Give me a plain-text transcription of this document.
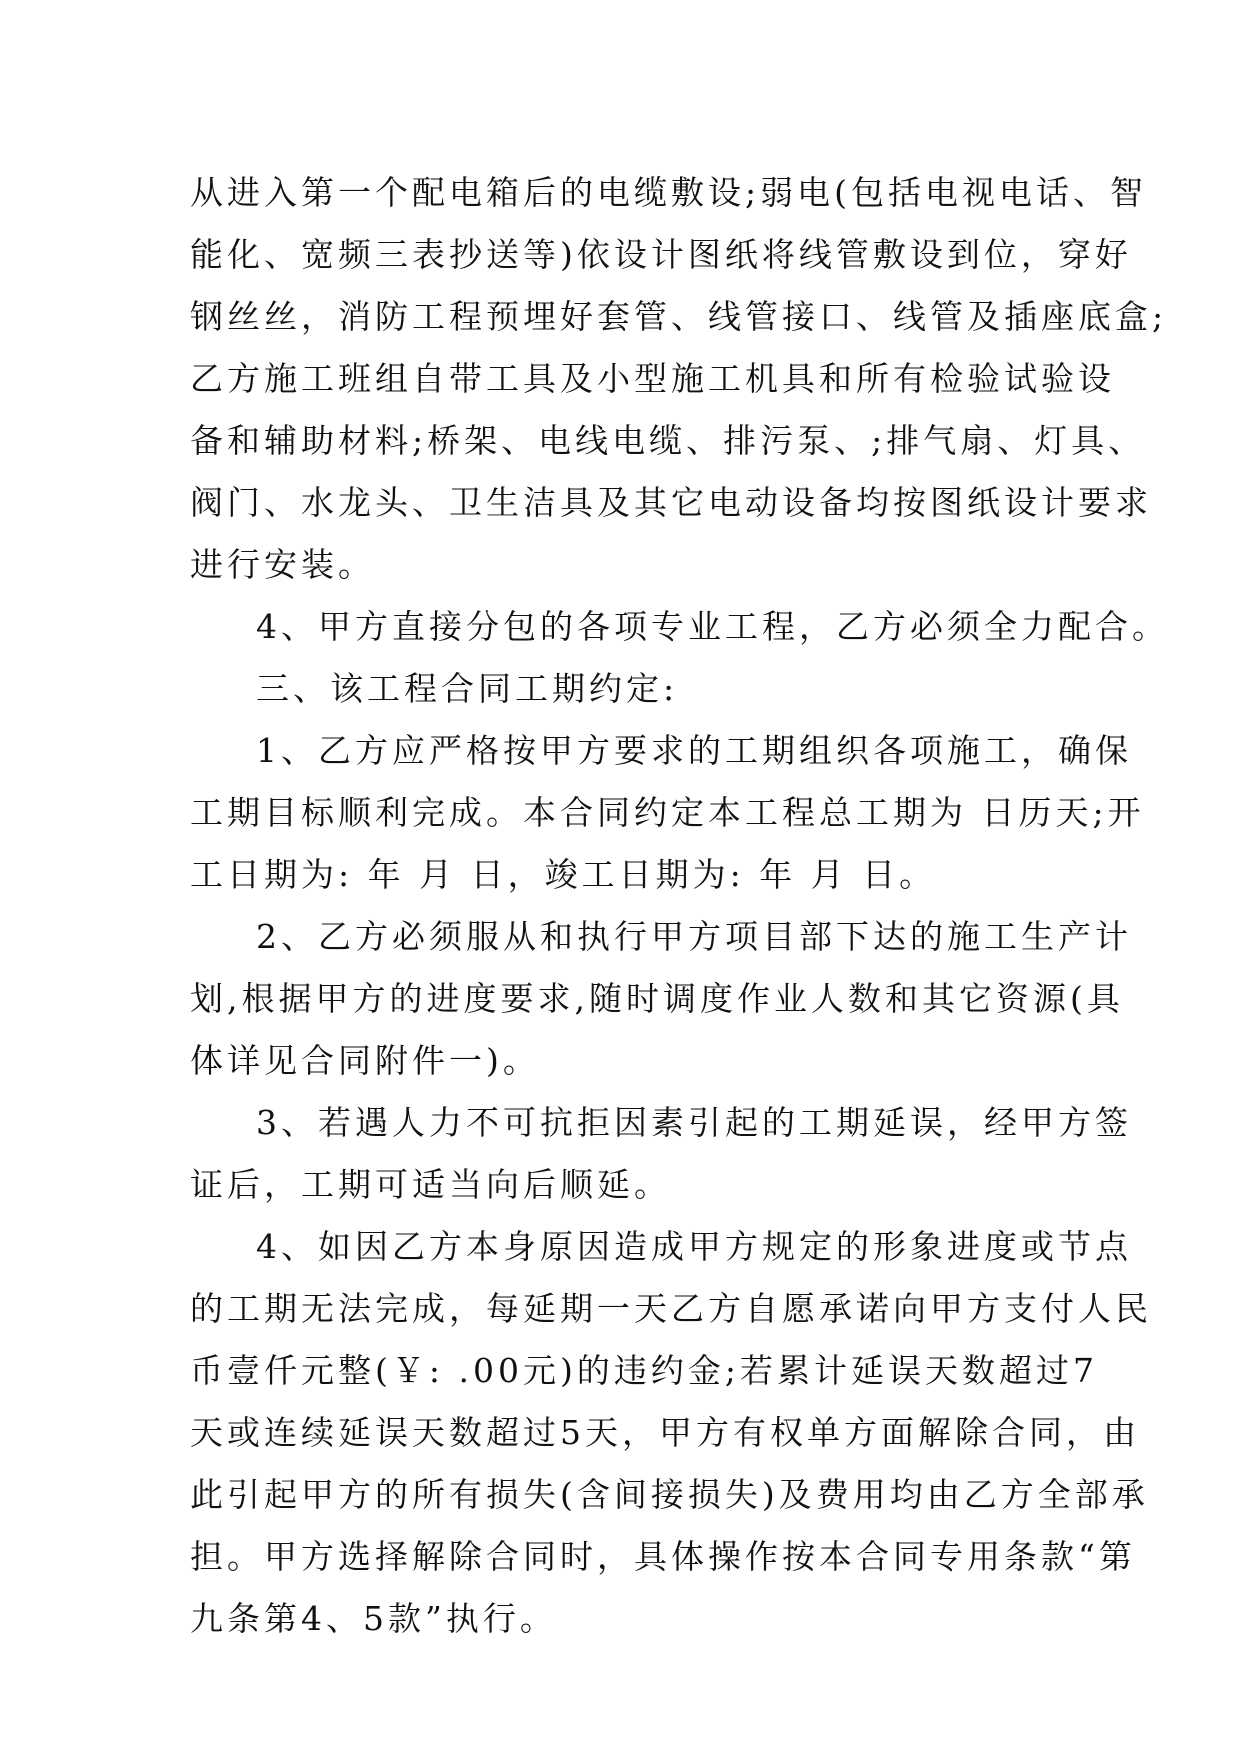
从进入第一个配电箱后的电缆敷设;弱电(包括电视电话、智
能化、宽频三表抄送等)依设计图纸将线管敷设到位，穿好
钢丝丝，消防工程预埋好套管、线管接口、线管及插座底盒;
乙方施工班组自带工具及小型施工机具和所有检验试验设
备和辅助材料;桥架、电线电缆、排污泵、;排气扇、灯具、
阀门、水龙头、卫生洁具及其它电动设备均按图纸设计要求
进行安装。
4、甲方直接分包的各项专业工程，乙方必须全力配合。
三、该工程合同工期约定:
1、乙方应严格按甲方要求的工期组织各项施工，确保
工期目标顺利完成。本合同约定本工程总工期为 日历天;开
工日期为: 年 月 日，竣工日期为: 年 月 日。
2、乙方必须服从和执行甲方项目部下达的施工生产计
划,根据甲方的进度要求,随时调度作业人数和其它资源(具
体详见合同附件一)。
3、若遇人力不可抗拒因素引起的工期延误，经甲方签
证后，工期可适当向后顺延。
4、如因乙方本身原因造成甲方规定的形象进度或节点
的工期无法完成，每延期一天乙方自愿承诺向甲方支付人民
币壹仟元整(￥: .00元)的违约金;若累计延误天数超过7
天或连续延误天数超过5天，甲方有权单方面解除合同，由
此引起甲方的所有损失(含间接损失)及费用均由乙方全部承
担。甲方选择解除合同时，具体操作按本合同专用条款“第
九条第4、5款”执行。
